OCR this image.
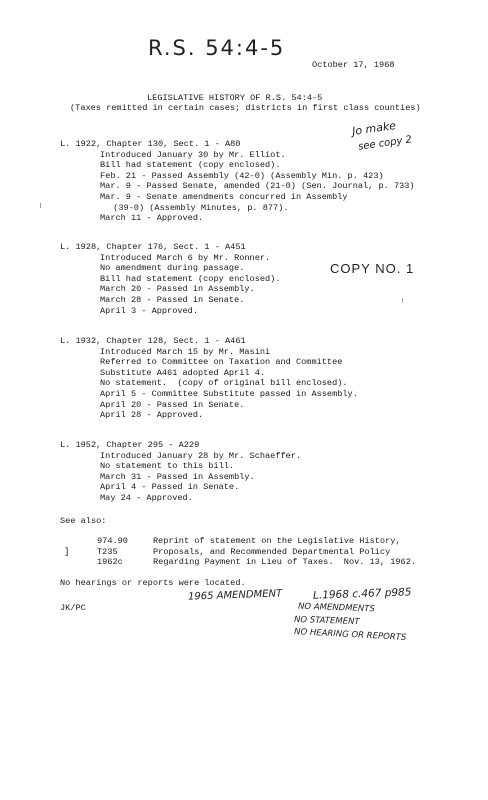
R.S. 54:4-5
October 17, 1968
LEGISLATIVE HISTORY OF R.S. 54:4-5
(Taxes remitted in certain cases; districts in first class counties)
Jo make
see copy 2
COPY NO. 1
L. 1922, Chapter 130, Sect. 1 - A80
Introduced January 30 by Mr. Elliot.
Bill had statement (copy enclosed).
Feb. 21 - Passed Assembly (42-0) (Assembly Min. p. 423)
Mar. 9 - Passed Senate, amended (21-0) (Sen. Journal, p. 733)
Mar. 9 - Senate amendments concurred in Assembly
(39-0) (Assembly Minutes, p. 877).
March 11 - Approved.
L. 1928, Chapter 176, Sect. 1 - A451
Introduced March 6 by Mr. Ronner.
No amendment during passage.
Bill had statement (copy enclosed).
March 20 - Passed in Assembly.
March 28 - Passed in Senate.
April 3 - Approved.
L. 1932, Chapter 128, Sect. 1 - A461
Introduced March 15 by Mr. Masini
Referred to Committee on Taxation and Committee
Substitute A461 adopted April 4.
No statement.  (copy of original bill enclosed).
April 5 - Committee Substitute passed in Assembly.
April 20 - Passed in Senate.
April 28 - Approved.
L. 1952, Chapter 295 - A229
Introduced January 28 by Mr. Schaeffer.
No statement to this bill.
March 31 - Passed in Assembly.
April 4 - Passed in Senate.
May 24 - Approved.
See also:
]
974.90
T235
1962c
Reprint of statement on the Legislative History,
Proposals, and Recommended Departmental Policy
Regarding Payment in Lieu of Taxes.  Nov. 13, 1962.
No hearings or reports were located.
JK/PC
1965 AMENDMENT	L.1968 c.467 p985
NO AMENDMENTS
NO STATEMENT
NO HEARING OR REPORTS
